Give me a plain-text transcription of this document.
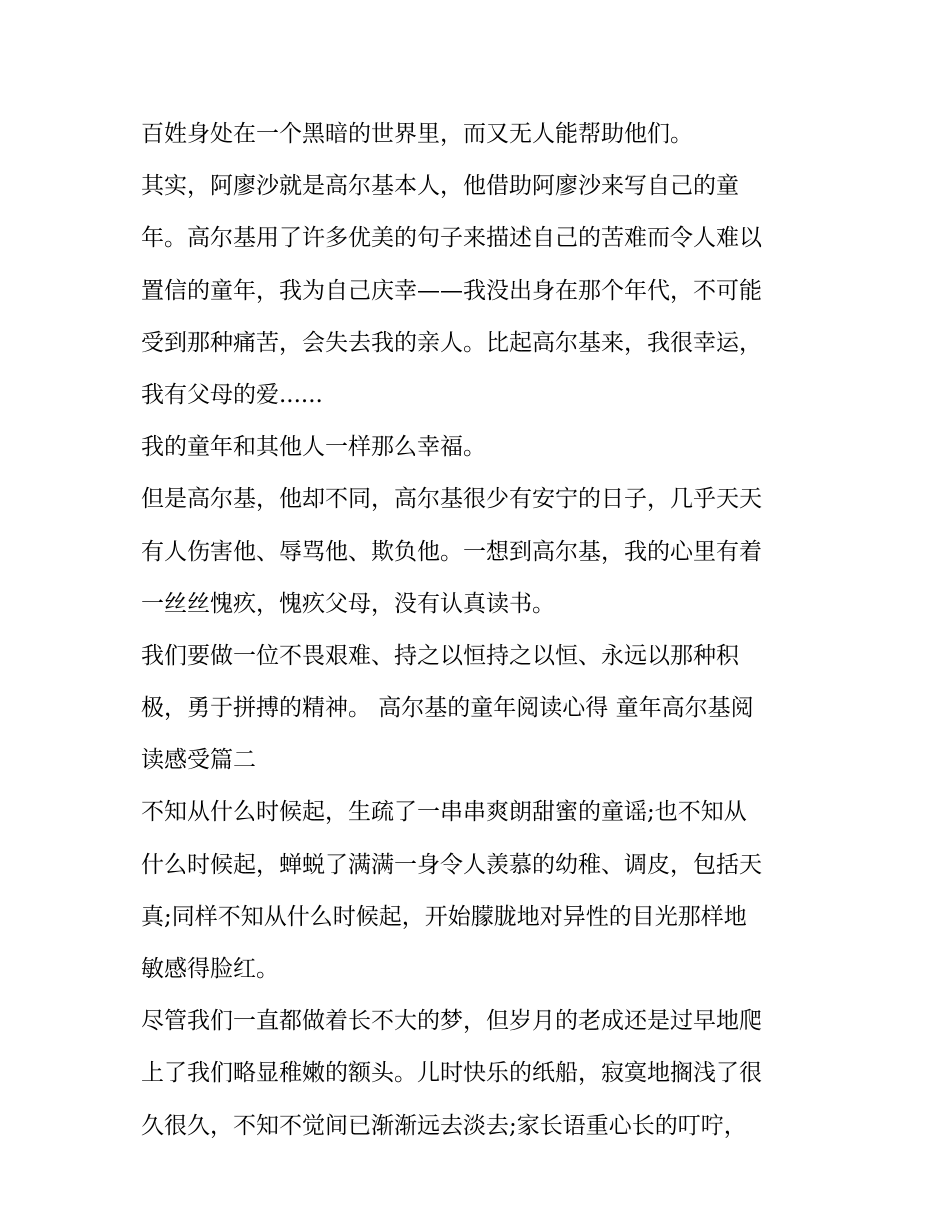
百姓身处在一个黑暗的世界里，而又无人能帮助他们。
其实，阿廖沙就是高尔基本人，他借助阿廖沙来写自己的童
年。高尔基用了许多优美的句子来描述自己的苦难而令人难以
置信的童年，我为自己庆幸——我没出身在那个年代，不可能
受到那种痛苦，会失去我的亲人。比起高尔基来，我很幸运，
我有父母的爱......
我的童年和其他人一样那么幸福。
但是高尔基，他却不同，高尔基很少有安宁的日子，几乎天天
有人伤害他、辱骂他、欺负他。一想到高尔基，我的心里有着
一丝丝愧疚，愧疚父母，没有认真读书。
我们要做一位不畏艰难、持之以恒持之以恒、永远以那种积
极，勇于拼搏的精神。 高尔基的童年阅读心得 童年高尔基阅
读感受篇二
不知从什么时候起，生疏了一串串爽朗甜蜜的童谣;也不知从
什么时候起，蝉蜕了满满一身令人羡慕的幼稚、调皮，包括天
真;同样不知从什么时候起，开始朦胧地对异性的目光那样地
敏感得脸红。
尽管我们一直都做着长不大的梦，但岁月的老成还是过早地爬
上了我们略显稚嫩的额头。儿时快乐的纸船，寂寞地搁浅了很
久很久，不知不觉间已渐渐远去淡去;家长语重心长的叮咛，
